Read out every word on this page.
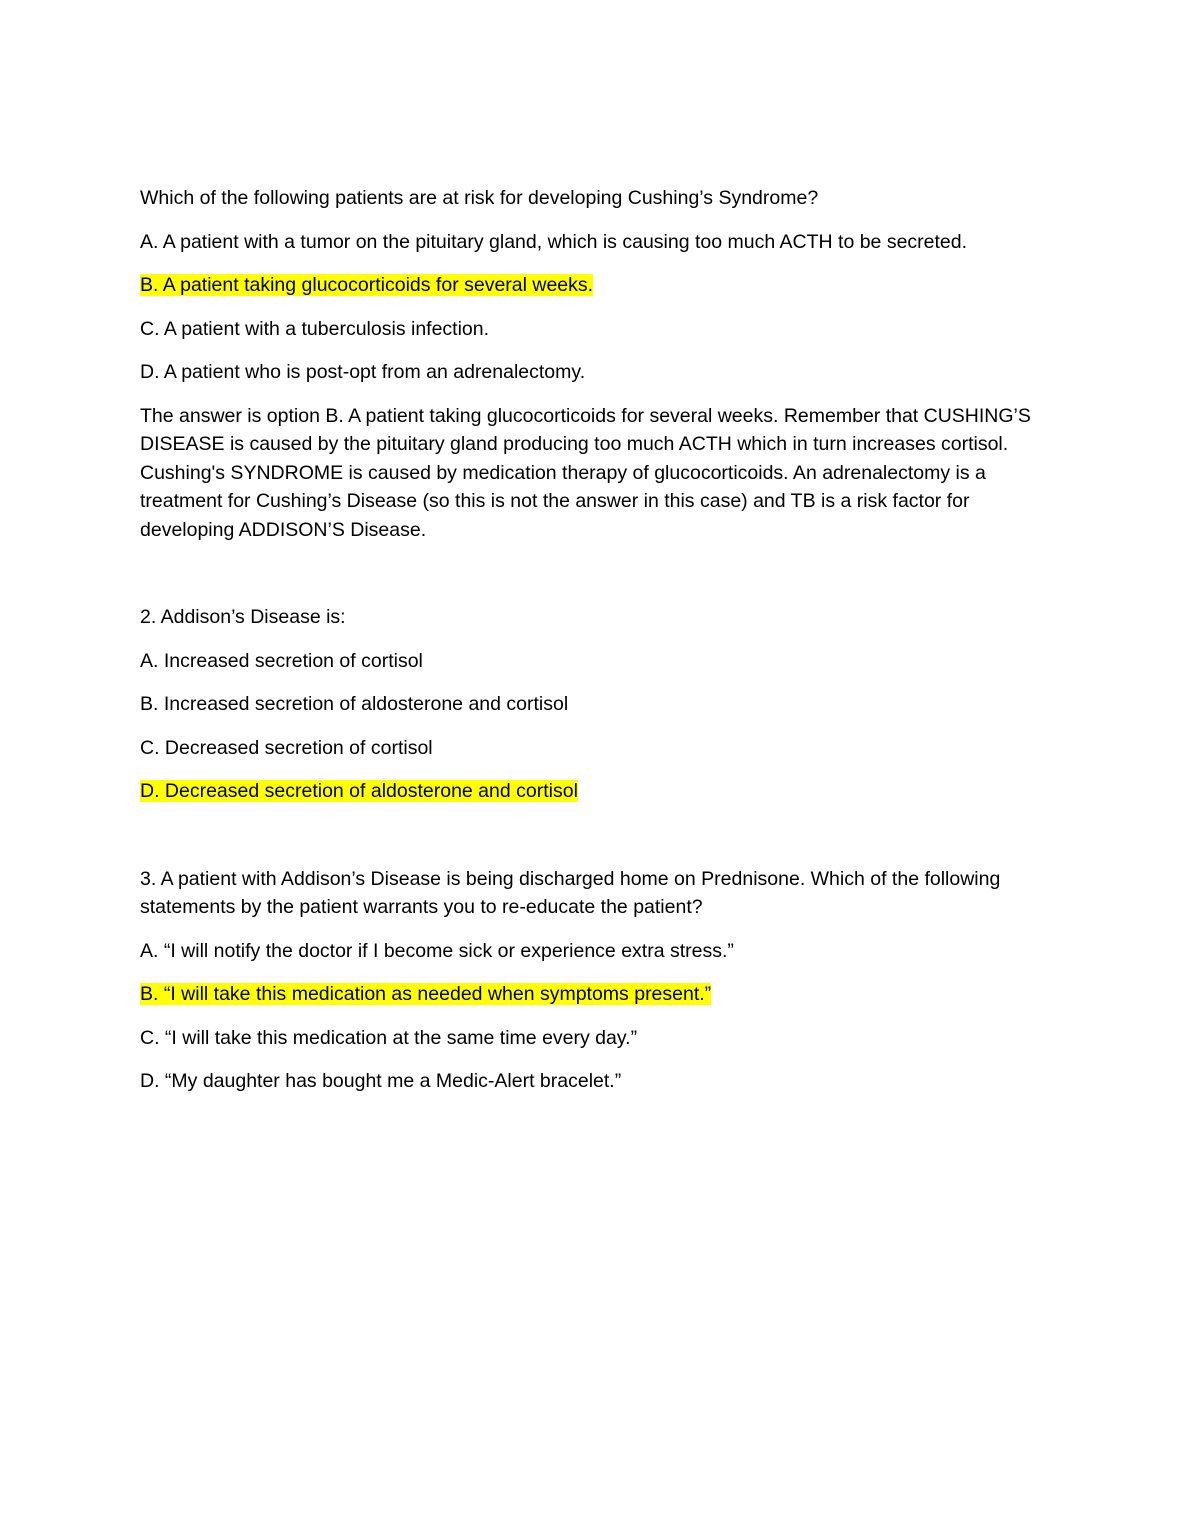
Which of the following patients are at risk for developing Cushing’s Syndrome?

A. A patient with a tumor on the pituitary gland, which is causing too much ACTH to be secreted.

B. A patient taking glucocorticoids for several weeks.

C. A patient with a tuberculosis infection.

D. A patient who is post-opt from an adrenalectomy.

The answer is option B. A patient taking glucocorticoids for several weeks. Remember that CUSHING’S DISEASE is caused by the pituitary gland producing too much ACTH which in turn increases cortisol. Cushing's SYNDROME is caused by medication therapy of glucocorticoids. An adrenalectomy is a treatment for Cushing’s Disease (so this is not the answer in this case) and TB is a risk factor for developing ADDISON’S Disease.

2. Addison’s Disease is:

A. Increased secretion of cortisol

B. Increased secretion of aldosterone and cortisol

C. Decreased secretion of cortisol

D. Decreased secretion of aldosterone and cortisol

3. A patient with Addison’s Disease is being discharged home on Prednisone. Which of the following statements by the patient warrants you to re-educate the patient?

A. “I will notify the doctor if I become sick or experience extra stress.”

B. “I will take this medication as needed when symptoms present.”

C. “I will take this medication at the same time every day.”

D. “My daughter has bought me a Medic-Alert bracelet.”
